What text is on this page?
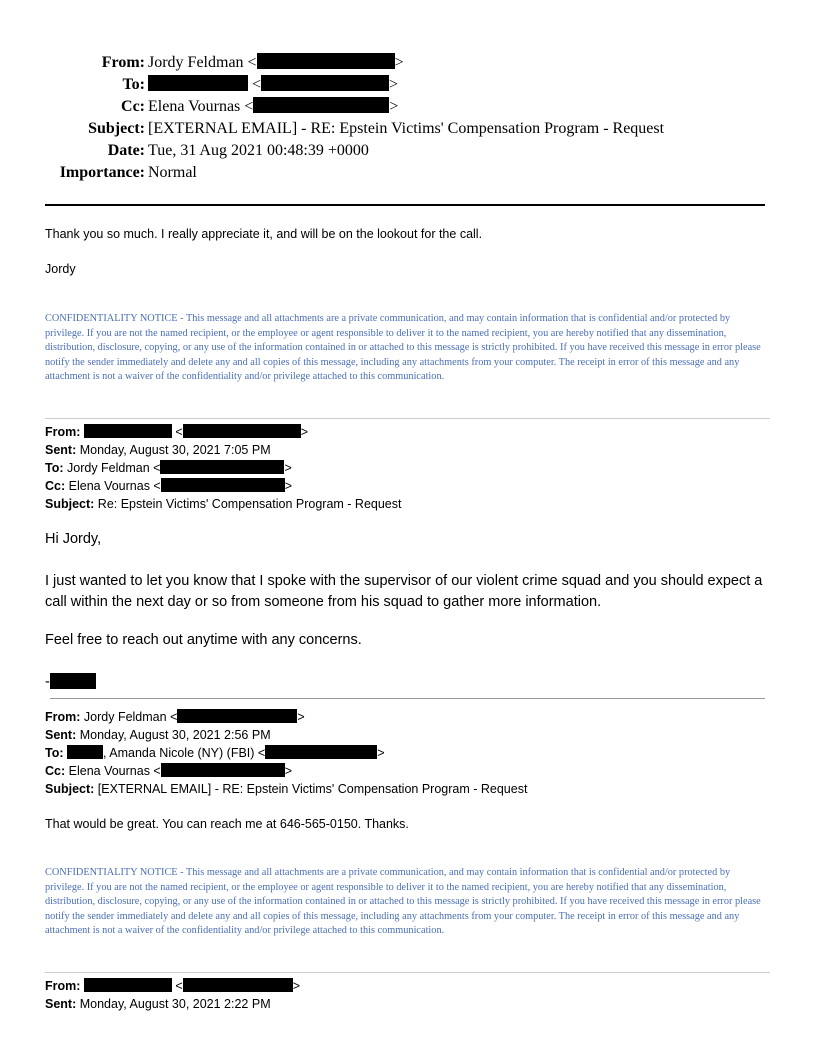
From: Jordy Feldman <	>
To:	<	>
Cc: Elena Vournas <	>
Subject: [EXTERNAL EMAIL] - RE: Epstein Victims' Compensation Program - Request
Date: Tue, 31 Aug 2021 00:48:39 +0000
Importance: Normal
Thank you so much. I really appreciate it, and will be on the lookout for the call.
Jordy
CONFIDENTIALITY NOTICE - This message and all attachments are a private communication, and may contain information that is confidential and/or protected by privilege. If you are not the named recipient, or the employee or agent responsible to deliver it to the named recipient, you are hereby notified that any dissemination, distribution, disclosure, copying, or any use of the information contained in or attached to this message is strictly prohibited. If you have received this message in error please notify the sender immediately and delete any and all copies of this message, including any attachments from your computer. The receipt in error of this message and any attachment is not a waiver of the confidentiality and/or privilege attached to this communication.
From:	<	>
Sent: Monday, August 30, 2021 7:05 PM
To: Jordy Feldman <	>
Cc: Elena Vournas <	>
Subject: Re: Epstein Victims' Compensation Program - Request
Hi Jordy,
I just wanted to let you know that I spoke with the supervisor of our violent crime squad and you should expect a call within the next day or so from someone from his squad to gather more information.
Feel free to reach out anytime with any concerns.
-
From: Jordy Feldman <	>
Sent: Monday, August 30, 2021 2:56 PM
To:	, Amanda Nicole (NY) (FBI) <	>
Cc: Elena Vournas <	>
Subject: [EXTERNAL EMAIL] - RE: Epstein Victims' Compensation Program - Request
That would be great. You can reach me at 646-565-0150. Thanks.
CONFIDENTIALITY NOTICE - This message and all attachments are a private communication, and may contain information that is confidential and/or protected by privilege. If you are not the named recipient, or the employee or agent responsible to deliver it to the named recipient, you are hereby notified that any dissemination, distribution, disclosure, copying, or any use of the information contained in or attached to this message is strictly prohibited. If you have received this message in error please notify the sender immediately and delete any and all copies of this message, including any attachments from your computer. The receipt in error of this message and any attachment is not a waiver of the confidentiality and/or privilege attached to this communication.
From:	<	>
Sent: Monday, August 30, 2021 2:22 PM
